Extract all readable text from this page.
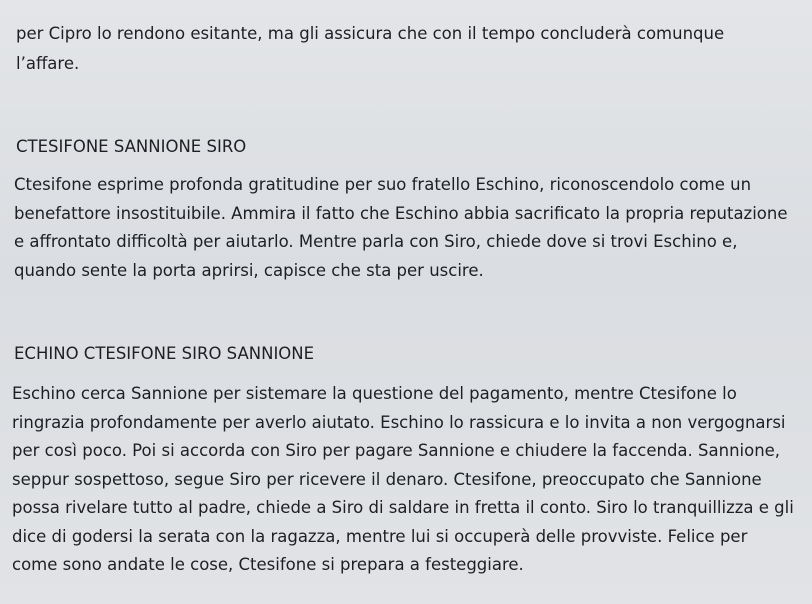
per Cipro lo rendono esitante, ma gli assicura che con il tempo concluderà comunque
l’affare.

CTESIFONE SANNIONE SIRO

Ctesifone esprime profonda gratitudine per suo fratello Eschino, riconoscendolo come un
benefattore insostituibile. Ammira il fatto che Eschino abbia sacrificato la propria reputazione
e affrontato difficoltà per aiutarlo. Mentre parla con Siro, chiede dove si trovi Eschino e,
quando sente la porta aprirsi, capisce che sta per uscire.

ECHINO CTESIFONE SIRO SANNIONE

Eschino cerca Sannione per sistemare la questione del pagamento, mentre Ctesifone lo
ringrazia profondamente per averlo aiutato. Eschino lo rassicura e lo invita a non vergognarsi
per così poco. Poi si accorda con Siro per pagare Sannione e chiudere la faccenda. Sannione,
seppur sospettoso, segue Siro per ricevere il denaro. Ctesifone, preoccupato che Sannione
possa rivelare tutto al padre, chiede a Siro di saldare in fretta il conto. Siro lo tranquillizza e gli
dice di godersi la serata con la ragazza, mentre lui si occuperà delle provviste. Felice per
come sono andate le cose, Ctesifone si prepara a festeggiare.
